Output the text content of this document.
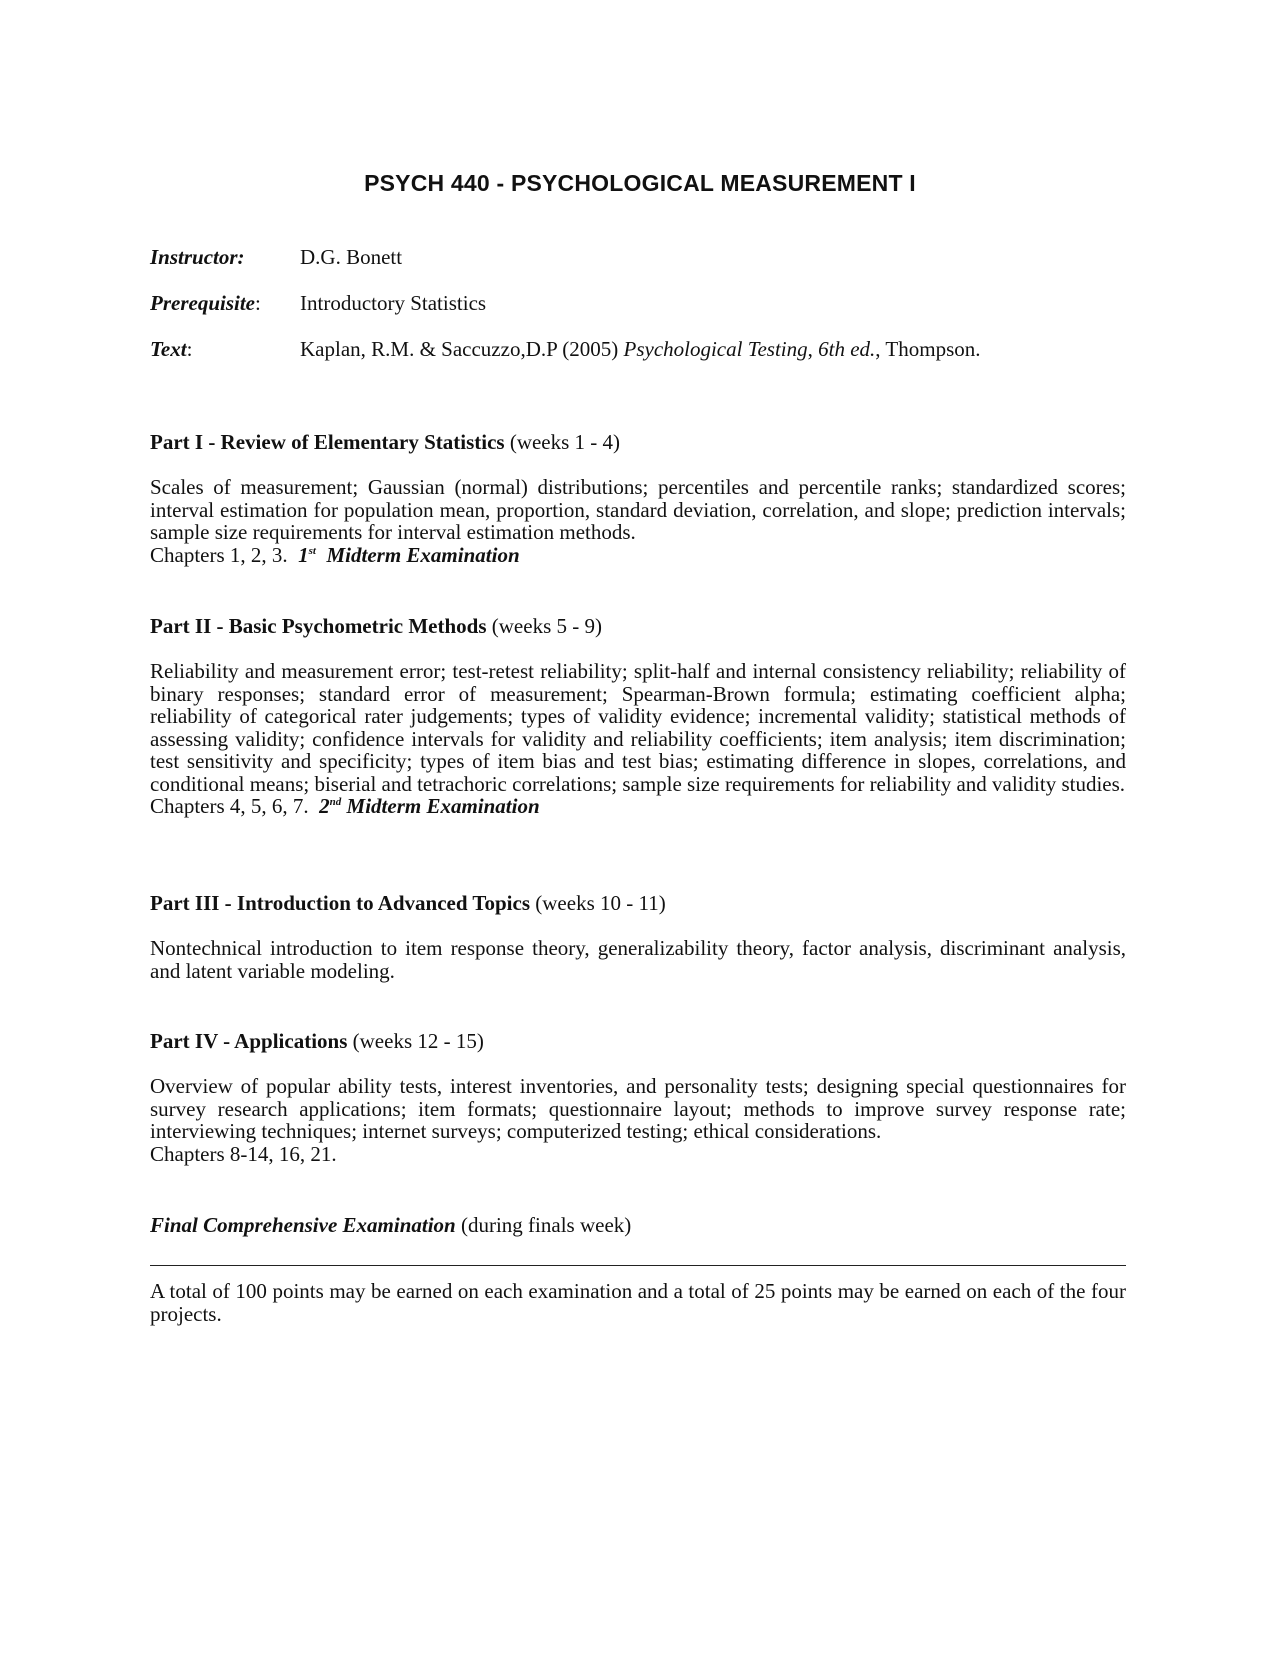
PSYCH 440 - PSYCHOLOGICAL MEASUREMENT I
Instructor:	D.G. Bonett
Prerequisite: Introductory Statistics
Text:	Kaplan, R.M. & Saccuzzo,D.P (2005) Psychological Testing, 6th ed., Thompson.
Part I - Review of Elementary Statistics (weeks 1 - 4)
Scales of measurement; Gaussian (normal) distributions; percentiles and percentile ranks; standardized scores; interval estimation for population mean, proportion, standard deviation, correlation, and slope; prediction intervals; sample size requirements for interval estimation methods.
Chapters 1, 2, 3. 1st Midterm Examination
Part II - Basic Psychometric Methods (weeks 5 - 9)
Reliability and measurement error; test-retest reliability; split-half and internal consistency reliability; reliability of binary responses; standard error of measurement; Spearman-Brown formula; estimating coefficient alpha; reliability of categorical rater judgements; types of validity evidence; incremental validity; statistical methods of assessing validity; confidence intervals for validity and reliability coefficients; item analysis; item discrimination; test sensitivity and specificity; types of item bias and test bias; estimating difference in slopes, correlations, and conditional means; biserial and tetrachoric correlations; sample size requirements for reliability and validity studies.
Chapters 4, 5, 6, 7. 2nd Midterm Examination
Part III - Introduction to Advanced Topics (weeks 10 - 11)
Nontechnical introduction to item response theory, generalizability theory, factor analysis, discriminant analysis, and latent variable modeling.
Part IV - Applications (weeks 12 - 15)
Overview of popular ability tests, interest inventories, and personality tests; designing special questionnaires for survey research applications; item formats; questionnaire layout; methods to improve survey response rate; interviewing techniques; internet surveys; computerized testing; ethical considerations.
Chapters 8-14, 16, 21.
Final Comprehensive Examination (during finals week)
A total of 100 points may be earned on each examination and a total of 25 points may be earned on each of the four projects.
